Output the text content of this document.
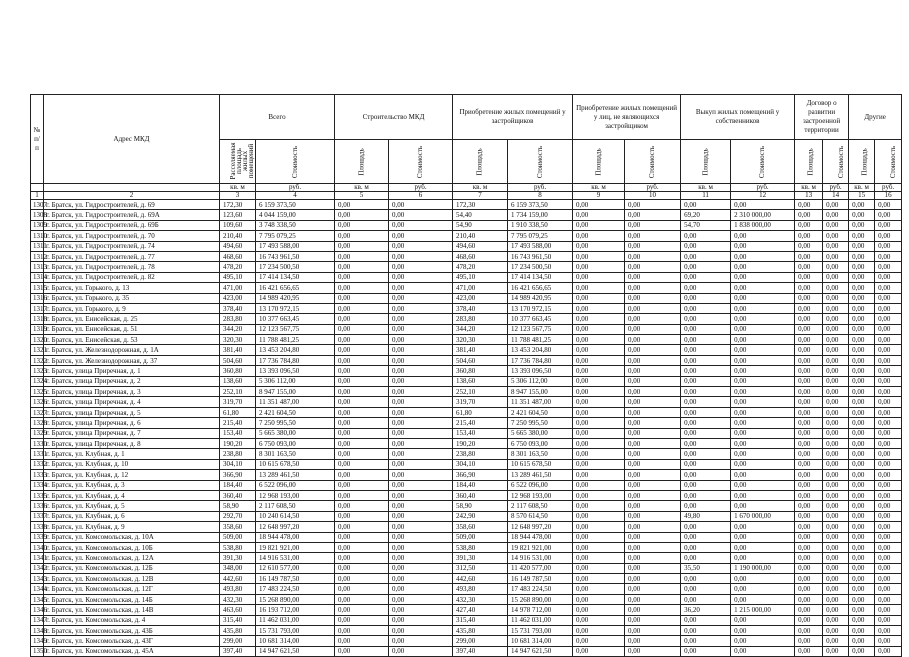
№ п/п	Адрес МКД	Всего		Строительство МКД		Приобретение жилых помещений у застройщиков		Приобретение жилых помещений у лиц, не являющихся застройщиком		Выкуп жилых помещений у собственников		Договор о развитии застроенной территории		Другие	
		Расселяемая площадь жилых помещений	Стоимость	Площадь	Стоимость	Площадь	Стоимость	Площадь	Стоимость	Площадь	Стоимость	Площадь	Стоимость	Площадь	Стоимость
		кв. м	руб.	кв. м	руб.	кв. м	руб.	кв. м	руб.	кв. м	руб.	кв. м	руб.	кв. м	руб.
1	2	3	4	5	6	7	8	9	10	11	12	13	14	15	16
1307	г. Братск, ул. Гидростроителей, д. 69	172,30	6 159 373,50	0,00	0,00	172,30	6 159 373,50	0,00	0,00	0,00	0,00	0,00	0,00	0,00	0,00
1308	г. Братск, ул. Гидростроителей, д. 69А	123,60	4 044 159,00	0,00	0,00	54,40	1 734 159,00	0,00	0,00	69,20	2 310 000,00	0,00	0,00	0,00	0,00
1309	г. Братск, ул. Гидростроителей, д. 69Б	109,60	3 748 338,50	0,00	0,00	54,90	1 910 338,50	0,00	0,00	54,70	1 838 000,00	0,00	0,00	0,00	0,00
1310	г. Братск, ул. Гидростроителей, д. 70	210,40	7 795 079,25	0,00	0,00	210,40	7 795 079,25	0,00	0,00	0,00	0,00	0,00	0,00	0,00	0,00
1311	г. Братск, ул. Гидростроителей, д. 74	494,60	17 493 588,00	0,00	0,00	494,60	17 493 588,00	0,00	0,00	0,00	0,00	0,00	0,00	0,00	0,00
1312	г. Братск, ул. Гидростроителей, д. 77	468,60	16 743 961,50	0,00	0,00	468,60	16 743 961,50	0,00	0,00	0,00	0,00	0,00	0,00	0,00	0,00
1313	г. Братск, ул. Гидростроителей, д. 78	478,20	17 234 500,50	0,00	0,00	478,20	17 234 500,50	0,00	0,00	0,00	0,00	0,00	0,00	0,00	0,00
1314	г. Братск, ул. Гидростроителей, д. 82	495,10	17 414 134,50	0,00	0,00	495,10	17 414 134,50	0,00	0,00	0,00	0,00	0,00	0,00	0,00	0,00
1315	г. Братск, ул. Горького, д. 13	471,00	16 421 656,65	0,00	0,00	471,00	16 421 656,65	0,00	0,00	0,00	0,00	0,00	0,00	0,00	0,00
1316	г. Братск, ул. Горького, д. 35	423,00	14 989 420,95	0,00	0,00	423,00	14 989 420,95	0,00	0,00	0,00	0,00	0,00	0,00	0,00	0,00
1317	г. Братск, ул. Горького, д. 9	378,40	13 170 972,15	0,00	0,00	378,40	13 170 972,15	0,00	0,00	0,00	0,00	0,00	0,00	0,00	0,00
1318	г. Братск, ул. Енисейская, д. 25	283,80	10 377 663,45	0,00	0,00	283,80	10 377 663,45	0,00	0,00	0,00	0,00	0,00	0,00	0,00	0,00
1319	г. Братск, ул. Енисейская, д. 51	344,20	12 123 567,75	0,00	0,00	344,20	12 123 567,75	0,00	0,00	0,00	0,00	0,00	0,00	0,00	0,00
1320	г. Братск, ул. Енисейская, д. 53	320,30	11 788 481,25	0,00	0,00	320,30	11 788 481,25	0,00	0,00	0,00	0,00	0,00	0,00	0,00	0,00
1321	г. Братск, ул. Железнодорожная, д. 1А	381,40	13 453 204,80	0,00	0,00	381,40	13 453 204,80	0,00	0,00	0,00	0,00	0,00	0,00	0,00	0,00
1322	г. Братск, ул. Железнодорожная, д. 37	504,60	17 736 784,80	0,00	0,00	504,60	17 736 784,80	0,00	0,00	0,00	0,00	0,00	0,00	0,00	0,00
1323	г. Братск, улица Приречная, д. 1	360,80	13 393 096,50	0,00	0,00	360,80	13 393 096,50	0,00	0,00	0,00	0,00	0,00	0,00	0,00	0,00
1324	г. Братск, улица Приречная, д. 2	138,60	5 306 112,00	0,00	0,00	138,60	5 306 112,00	0,00	0,00	0,00	0,00	0,00	0,00	0,00	0,00
1325	г. Братск, улица Приречная, д. 3	252,10	8 947 155,00	0,00	0,00	252,10	8 947 155,00	0,00	0,00	0,00	0,00	0,00	0,00	0,00	0,00
1326	г. Братск, улица Приречная, д. 4	319,70	11 351 487,00	0,00	0,00	319,70	11 351 487,00	0,00	0,00	0,00	0,00	0,00	0,00	0,00	0,00
1327	г. Братск, улица Приречная, д. 5	61,80	2 421 604,50	0,00	0,00	61,80	2 421 604,50	0,00	0,00	0,00	0,00	0,00	0,00	0,00	0,00
1328	г. Братск, улица Приречная, д. 6	215,40	7 250 995,50	0,00	0,00	215,40	7 250 995,50	0,00	0,00	0,00	0,00	0,00	0,00	0,00	0,00
1329	г. Братск, улица Приречная, д. 7	153,40	5 665 380,00	0,00	0,00	153,40	5 665 380,00	0,00	0,00	0,00	0,00	0,00	0,00	0,00	0,00
1330	г. Братск, улица Приречная, д. 8	190,20	6 750 093,00	0,00	0,00	190,20	6 750 093,00	0,00	0,00	0,00	0,00	0,00	0,00	0,00	0,00
1331	г. Братск, ул. Клубная, д. 1	238,80	8 301 163,50	0,00	0,00	238,80	8 301 163,50	0,00	0,00	0,00	0,00	0,00	0,00	0,00	0,00
1332	г. Братск, ул. Клубная, д. 10	304,10	10 615 678,50	0,00	0,00	304,10	10 615 678,50	0,00	0,00	0,00	0,00	0,00	0,00	0,00	0,00
1333	г. Братск, ул. Клубная, д. 12	366,90	13 289 461,50	0,00	0,00	366,90	13 289 461,50	0,00	0,00	0,00	0,00	0,00	0,00	0,00	0,00
1334	г. Братск, ул. Клубная, д. 3	184,40	6 522 096,00	0,00	0,00	184,40	6 522 096,00	0,00	0,00	0,00	0,00	0,00	0,00	0,00	0,00
1335	г. Братск, ул. Клубная, д. 4	360,40	12 968 193,00	0,00	0,00	360,40	12 968 193,00	0,00	0,00	0,00	0,00	0,00	0,00	0,00	0,00
1336	г. Братск, ул. Клубная, д. 5	58,90	2 117 608,50	0,00	0,00	58,90	2 117 608,50	0,00	0,00	0,00	0,00	0,00	0,00	0,00	0,00
1337	г. Братск, ул. Клубная, д. 6	292,70	10 240 614,50	0,00	0,00	242,90	8 570 614,50	0,00	0,00	49,80	1 670 000,00	0,00	0,00	0,00	0,00
1338	г. Братск, ул. Клубная, д. 9	358,60	12 648 997,20	0,00	0,00	358,60	12 648 997,20	0,00	0,00	0,00	0,00	0,00	0,00	0,00	0,00
1339	г. Братск, ул. Комсомольская, д. 10А	509,00	18 944 478,00	0,00	0,00	509,00	18 944 478,00	0,00	0,00	0,00	0,00	0,00	0,00	0,00	0,00
1340	г. Братск, ул. Комсомольская, д. 10Б	538,80	19 821 921,00	0,00	0,00	538,80	19 821 921,00	0,00	0,00	0,00	0,00	0,00	0,00	0,00	0,00
1341	г. Братск, ул. Комсомольская, д. 12А	391,30	14 916 531,00	0,00	0,00	391,30	14 916 531,00	0,00	0,00	0,00	0,00	0,00	0,00	0,00	0,00
1342	г. Братск, ул. Комсомольская, д. 12Б	348,00	12 610 577,00	0,00	0,00	312,50	11 420 577,00	0,00	0,00	35,50	1 190 000,00	0,00	0,00	0,00	0,00
1343	г. Братск, ул. Комсомольская, д. 12В	442,60	16 149 787,50	0,00	0,00	442,60	16 149 787,50	0,00	0,00	0,00	0,00	0,00	0,00	0,00	0,00
1344	г. Братск, ул. Комсомольская, д. 12Г	493,80	17 483 224,50	0,00	0,00	493,80	17 483 224,50	0,00	0,00	0,00	0,00	0,00	0,00	0,00	0,00
1345	г. Братск, ул. Комсомольская, д. 14Б	432,30	15 268 890,00	0,00	0,00	432,30	15 268 890,00	0,00	0,00	0,00	0,00	0,00	0,00	0,00	0,00
1346	г. Братск, ул. Комсомольская, д. 14В	463,60	16 193 712,00	0,00	0,00	427,40	14 978 712,00	0,00	0,00	36,20	1 215 000,00	0,00	0,00	0,00	0,00
1347	г. Братск, ул. Комсомольская, д. 4	315,40	11 462 031,00	0,00	0,00	315,40	11 462 031,00	0,00	0,00	0,00	0,00	0,00	0,00	0,00	0,00
1348	г. Братск, ул. Комсомольская, д. 43Б	435,80	15 731 793,00	0,00	0,00	435,80	15 731 793,00	0,00	0,00	0,00	0,00	0,00	0,00	0,00	0,00
1349	г. Братск, ул. Комсомольская, д. 43Г	299,00	10 681 314,00	0,00	0,00	299,00	10 681 314,00	0,00	0,00	0,00	0,00	0,00	0,00	0,00	0,00
1350	г. Братск, ул. Комсомольская, д. 45А	397,40	14 947 621,50	0,00	0,00	397,40	14 947 621,50	0,00	0,00	0,00	0,00	0,00	0,00	0,00	0,00
